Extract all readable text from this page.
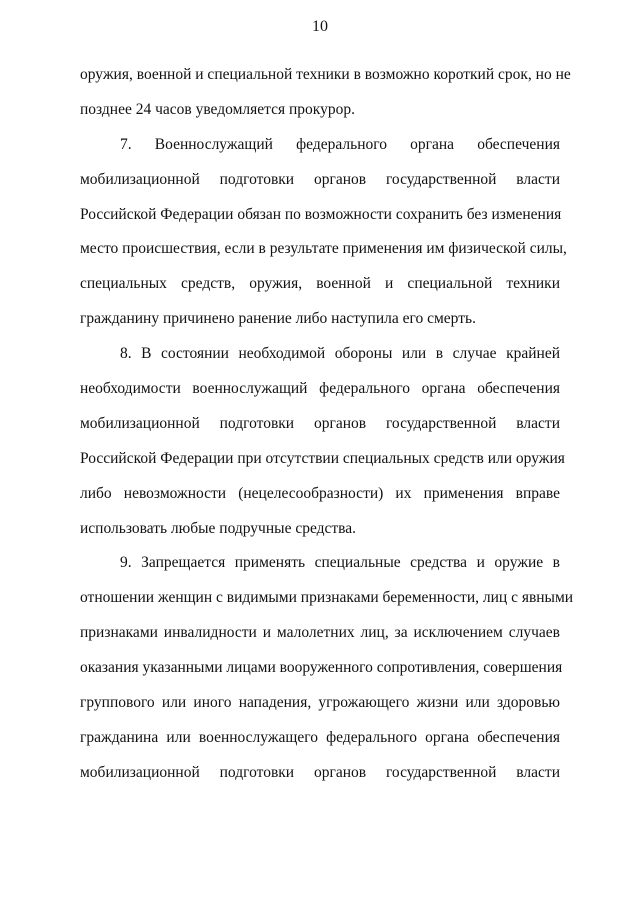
10
оружия, военной и специальной техники в возможно короткий срок, но не
позднее 24 часов уведомляется прокурор.
7. Военнослужащий федерального органа обеспечения
мобилизационной подготовки органов государственной власти
Российской Федерации обязан по возможности сохранить без изменения
место происшествия, если в результате применения им физической силы,
специальных средств, оружия, военной и специальной техники
гражданину причинено ранение либо наступила его смерть.
8. В состоянии необходимой обороны или в случае крайней
необходимости военнослужащий федерального органа обеспечения
мобилизационной подготовки органов государственной власти
Российской Федерации при отсутствии специальных средств или оружия
либо невозможности (нецелесообразности) их применения вправе
использовать любые подручные средства.
9. Запрещается применять специальные средства и оружие в
отношении женщин с видимыми признаками беременности, лиц с явными
признаками инвалидности и малолетних лиц, за исключением случаев
оказания указанными лицами вооруженного сопротивления, совершения
группового или иного нападения, угрожающего жизни или здоровью
гражданина или военнослужащего федерального органа обеспечения
мобилизационной подготовки органов государственной власти
